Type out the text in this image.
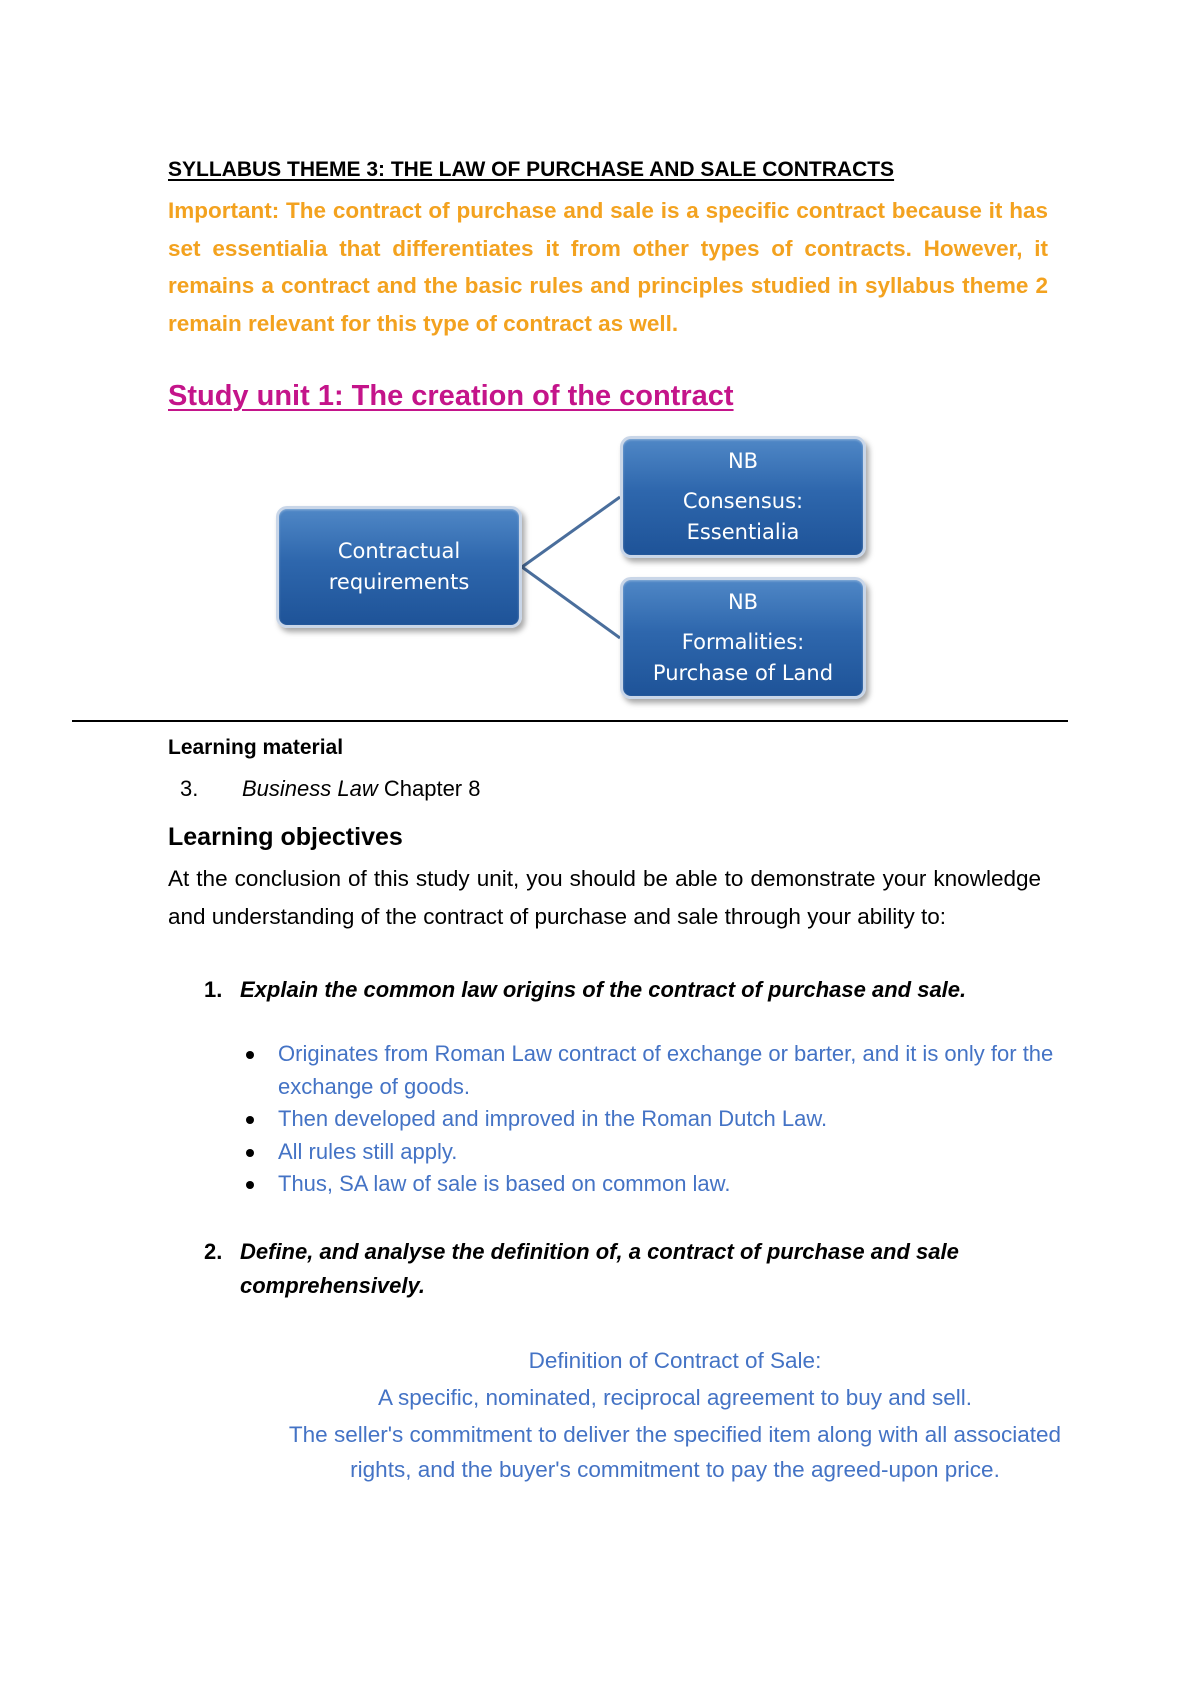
SYLLABUS THEME 3: THE LAW OF PURCHASE AND SALE CONTRACTS

Important: The contract of purchase and sale is a specific contract because it has set essentialia that differentiates it from other types of contracts. However, it remains a contract and the basic rules and principles studied in syllabus theme 2 remain relevant for this type of contract as well.

Study unit 1: The creation of the contract
Contractual
requirements
NB
Consensus:
Essentialia
NB
Formalities:
Purchase of Land
Learning material
3. Business Law Chapter 8
Learning objectives

At the conclusion of this study unit, you should be able to demonstrate your knowledge and understanding of the contract of purchase and sale through your ability to:

1. Explain the common law origins of the contract of purchase and sale.

Originates from Roman Law contract of exchange or barter, and it is only for the exchange of goods.
Then developed and improved in the Roman Dutch Law.
All rules still apply.
Thus, SA law of sale is based on common law.

2. Define, and analyse the definition of, a contract of purchase and sale comprehensively.

Definition of Contract of Sale:
A specific, nominated, reciprocal agreement to buy and sell.
The seller's commitment to deliver the specified item along with all associated
rights, and the buyer's commitment to pay the agreed-upon price.
